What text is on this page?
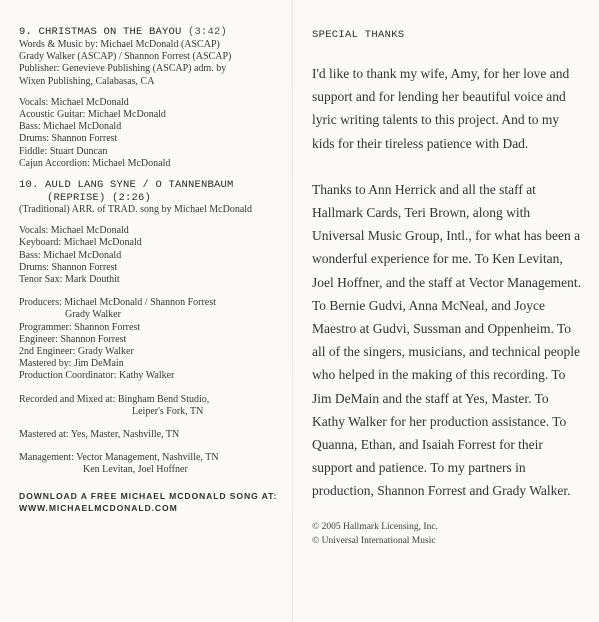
9. CHRISTMAS ON THE BAYOU (3:42)
Words & Music by: Michael McDonald (ASCAP)
Grady Walker (ASCAP) / Shannon Forrest (ASCAP)
Publisher: Genevieve Publishing (ASCAP) adm. by
Wixen Publishing, Calabasas, CA
Vocals: Michael McDonald
Acoustic Guitar: Michael McDonald
Bass: Michael McDonald
Drums: Shannon Forrest
Fiddle: Stuart Duncan
Cajun Accordion: Michael McDonald
10. AULD LANG SYNE / O TANNENBAUM
(REPRISE) (2:26)
(Traditional) ARR. of TRAD. song by Michael McDonald
Vocals: Michael McDonald
Keyboard: Michael McDonald
Bass: Michael McDonald
Drums: Shannon Forrest
Tenor Sax: Mark Douthit
Producers: Michael McDonald / Shannon Forrest
Grady Walker
Programmer: Shannon Forrest
Engineer: Shannon Forrest
2nd Engineer: Grady Walker
Mastered by: Jim DeMain
Production Coordinator: Kathy Walker
Recorded and Mixed at: Bingham Bend Studio,
Leiper's Fork, TN
Mastered at: Yes, Master, Nashville, TN
Management: Vector Management, Nashville, TN
Ken Levitan, Joel Hoffner
DOWNLOAD A FREE MICHAEL MCDONALD SONG AT:
WWW.MICHAELMCDONALD.COM
SPECIAL THANKS

I'd like to thank my wife, Amy, for her love and support and for lending her beautiful voice and lyric writing talents to this project. And to my kids for their tireless patience with Dad.

Thanks to Ann Herrick and all the staff at Hallmark Cards, Teri Brown, along with Universal Music Group, Intl., for what has been a wonderful experience for me. To Ken Levitan, Joel Hoffner, and the staff at Vector Management. To Bernie Gudvi, Anna McNeal, and Joyce Maestro at Gudvi, Sussman and Oppenheim. To all of the singers, musicians, and technical people who helped in the making of this recording. To Jim DeMain and the staff at Yes, Master. To Kathy Walker for her production assistance. To Quanna, Ethan, and Isaiah Forrest for their support and patience. To my partners in production, Shannon Forrest and Grady Walker.

© 2005 Hallmark Licensing, Inc.
© Universal International Music
